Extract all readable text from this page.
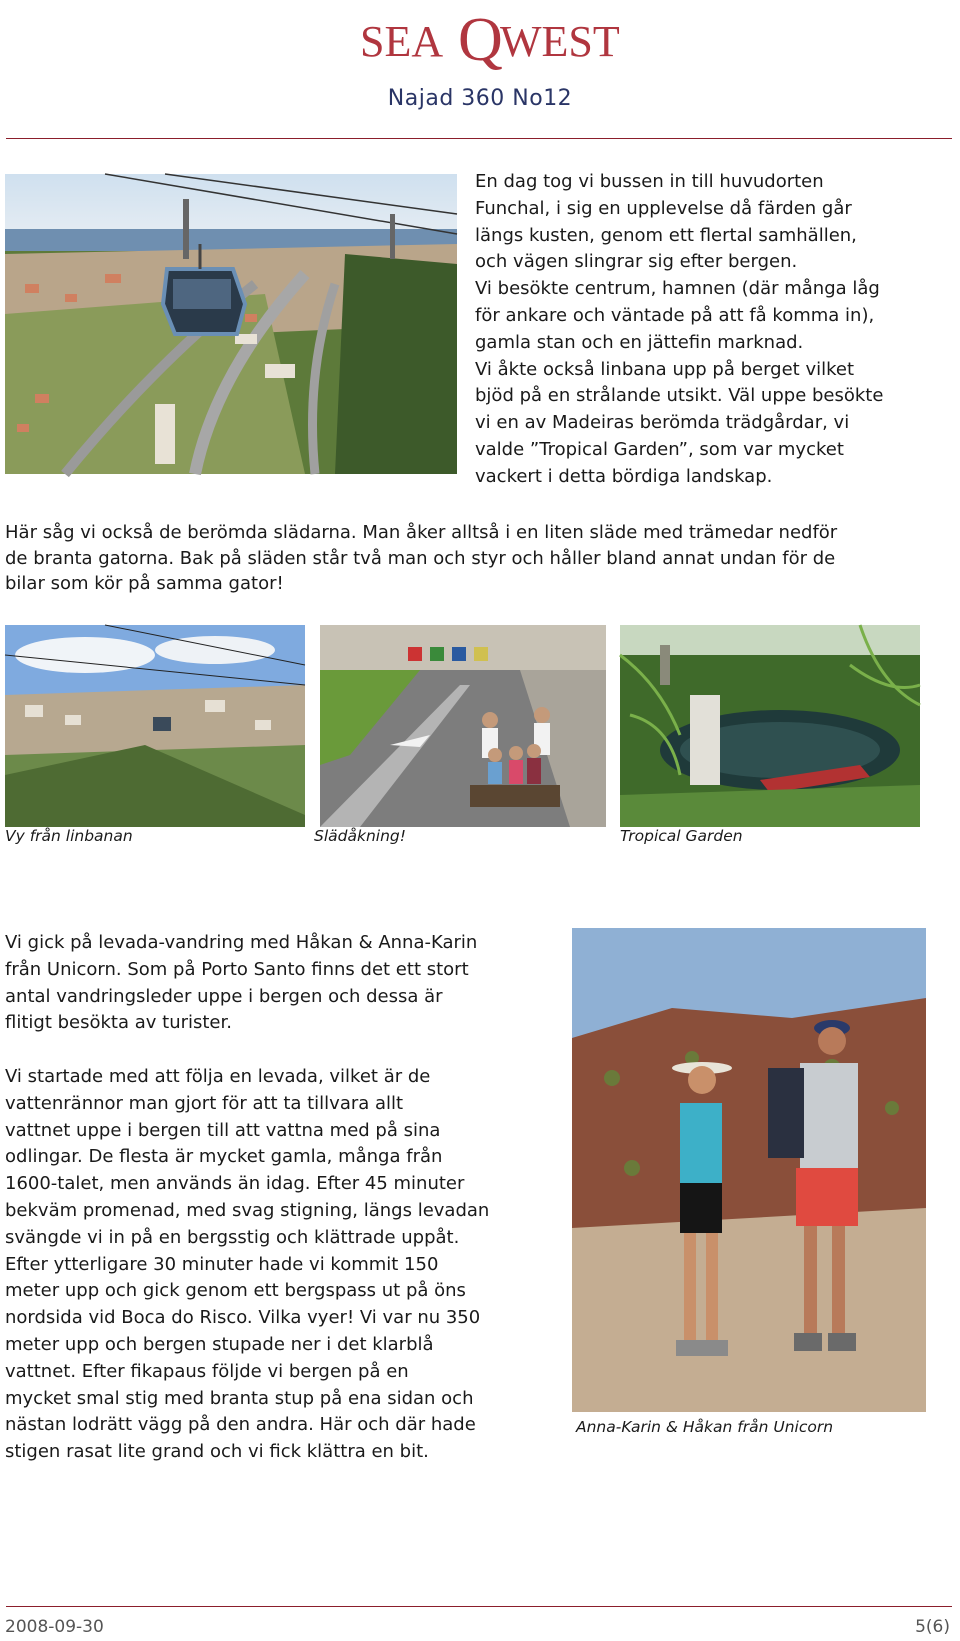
SEA Q
WEST
Najad 360 No12

En dag tog vi bussen in till huvudorten

Funchal, i sig en upplevelse då färden går

längs kusten, genom ett flertal samhällen,

och vägen slingrar sig efter bergen.

Vi besökte centrum, hamnen (där många låg

för ankare och väntade på att få komma in),

gamla stan och en jättefin marknad.

Vi åkte också linbana upp på berget vilket

bjöd på en strålande utsikt. Väl uppe besökte

vi en av Madeiras berömda trädgårdar, vi

valde ”Tropical Garden”, som var mycket

vackert i detta bördiga landskap.

Här såg vi också de berömda slädarna. Man åker alltså i en liten släde med trämedar nedför

de branta gatorna. Bak på släden står två man och styr och håller bland annat undan för de

bilar som kör på samma gator!

Vy från linbanan	Slädåkning!	Tropical Garden

Vi gick på levada-vandring med Håkan & Anna-Karin

från Unicorn. Som på Porto Santo finns det ett stort

antal vandringsleder uppe i bergen och dessa är

flitigt besökta av turister.

Vi startade med att följa en levada, vilket är de

vattenrännor man gjort för att ta tillvara allt

vattnet uppe i bergen till att vattna med på sina

odlingar. De flesta är mycket gamla, många från

1600-talet, men används än idag. Efter 45 minuter

bekväm promenad, med svag stigning, längs levadan

svängde vi in på en bergsstig och klättrade uppåt.

Efter ytterligare 30 minuter hade vi kommit 150

meter upp och gick genom ett bergspass ut på öns

nordsida vid Boca do Risco. Vilka vyer! Vi var nu 350

meter upp och bergen stupade ner i det klarblå

vattnet. Efter fikapaus följde vi bergen på en

mycket smal stig med branta stup på ena sidan och

nästan lodrätt vägg på den andra. Här och där hade

stigen rasat lite grand och vi fick klättra en bit.

Anna-Karin & Håkan från Unicorn
2008-09-30	5(6)
